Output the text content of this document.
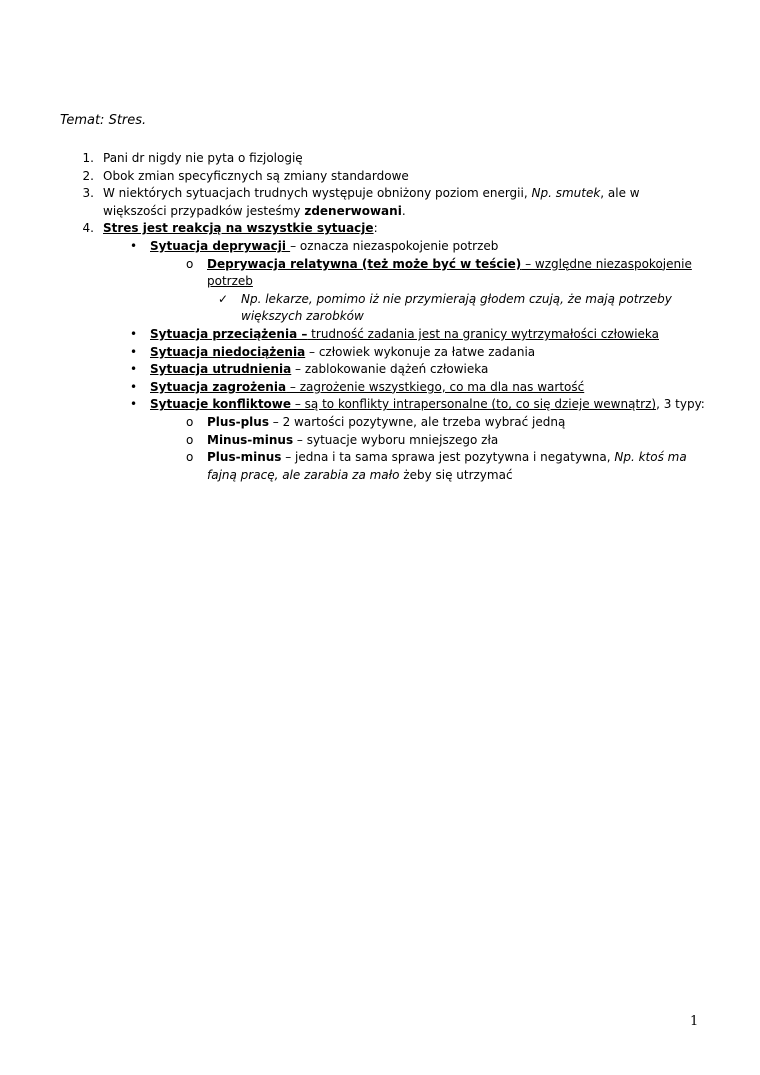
Temat: Stres.
1. Pani dr nigdy nie pyta o fizjologię
2. Obok zmian specyficznych są zmiany standardowe
3. W niektórych sytuacjach trudnych występuje obniżony poziom energii, Np. smutek, ale w większości przypadków jesteśmy zdenerwowani.
4. Stres jest reakcją na wszystkie sytuacje:
• Sytuacja deprywacji – oznacza niezaspokojenie potrzeb
o Deprywacja relatywna (też może być w teście) – względne niezaspokojenie potrzeb
✓ Np. lekarze, pomimo iż nie przymierają głodem czują, że mają potrzeby większych zarobków
• Sytuacja przeciążenia – trudność zadania jest na granicy wytrzymałości człowieka
• Sytuacja niedociążenia – człowiek wykonuje za łatwe zadania
• Sytuacja utrudnienia – zablokowanie dążeń człowieka
• Sytuacja zagrożenia – zagrożenie wszystkiego, co ma dla nas wartość
• Sytuacje konfliktowe – są to konflikty intrapersonalne (to, co się dzieje wewnątrz), 3 typy:
o Plus-plus – 2 wartości pozytywne, ale trzeba wybrać jedną
o Minus-minus – sytuacje wyboru mniejszego zła
o Plus-minus – jedna i ta sama sprawa jest pozytywna i negatywna, Np. ktoś ma fajną pracę, ale zarabia za mało żeby się utrzymać
1
